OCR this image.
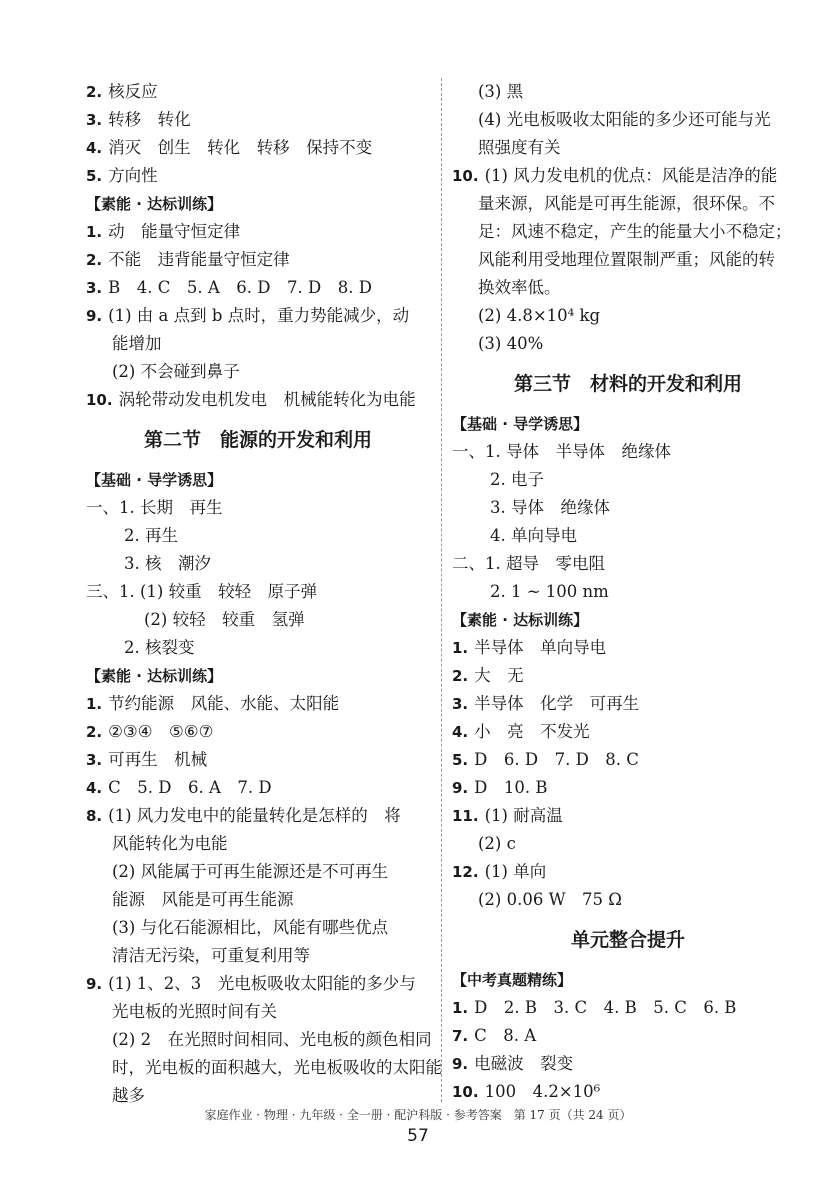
2. 核反应
3. 转移　转化
4. 消灭　创生　转化　转移　保持不变
5. 方向性
【素能 · 达标训练】
1. 动　能量守恒定律
2. 不能　违背能量守恒定律
3. B　4. C　5. A　6. D　7. D　8. D
9. (1) 由 a 点到 b 点时，重力势能减少，动
能增加
(2) 不会碰到鼻子
10. 涡轮带动发电机发电　机械能转化为电能
第二节　能源的开发和利用
【基础 · 导学诱思】
一、1. 长期　再生
2. 再生
3. 核　潮汐
三、1. (1) 较重　较轻　原子弹
(2) 较轻　较重　氢弹
2. 核裂变
【素能 · 达标训练】
1. 节约能源　风能、水能、太阳能
2. ②③④　⑤⑥⑦
3. 可再生　机械
4. C　5. D　6. A　7. D
8. (1) 风力发电中的能量转化是怎样的　将
风能转化为电能
(2) 风能属于可再生能源还是不可再生
能源　风能是可再生能源
(3) 与化石能源相比，风能有哪些优点
清洁无污染，可重复利用等
9. (1) 1、2、3　光电板吸收太阳能的多少与
光电板的光照时间有关
(2) 2　在光照时间相同、光电板的颜色相同
时，光电板的面积越大，光电板吸收的太阳能
越多
(3) 黑
(4) 光电板吸收太阳能的多少还可能与光
照强度有关
10. (1) 风力发电机的优点：风能是洁净的能
量来源，风能是可再生能源，很环保。不
足：风速不稳定，产生的能量大小不稳定；
风能利用受地理位置限制严重；风能的转
换效率低。
(2) 4.8×10⁴ kg
(3) 40%
第三节　材料的开发和利用
【基础 · 导学诱思】
一、1. 导体　半导体　绝缘体
2. 电子
3. 导体　绝缘体
4. 单向导电
二、1. 超导　零电阻
2. 1 ~ 100 nm
【素能 · 达标训练】
1. 半导体　单向导电
2. 大　无
3. 半导体　化学　可再生
4. 小　亮　不发光
5. D　6. D　7. D　8. C
9. D　10. B
11. (1) 耐高温
(2) c
12. (1) 单向
(2) 0.06 W　75 Ω
单元整合提升
【中考真题精练】
1. D　2. B　3. C　4. B　5. C　6. B
7. C　8. A
9. 电磁波　裂变
10. 100　4.2×10⁶
家庭作业 · 物理 · 九年级 · 全一册 · 配沪科版 · 参考答案　第 17 页（共 24 页）
57
